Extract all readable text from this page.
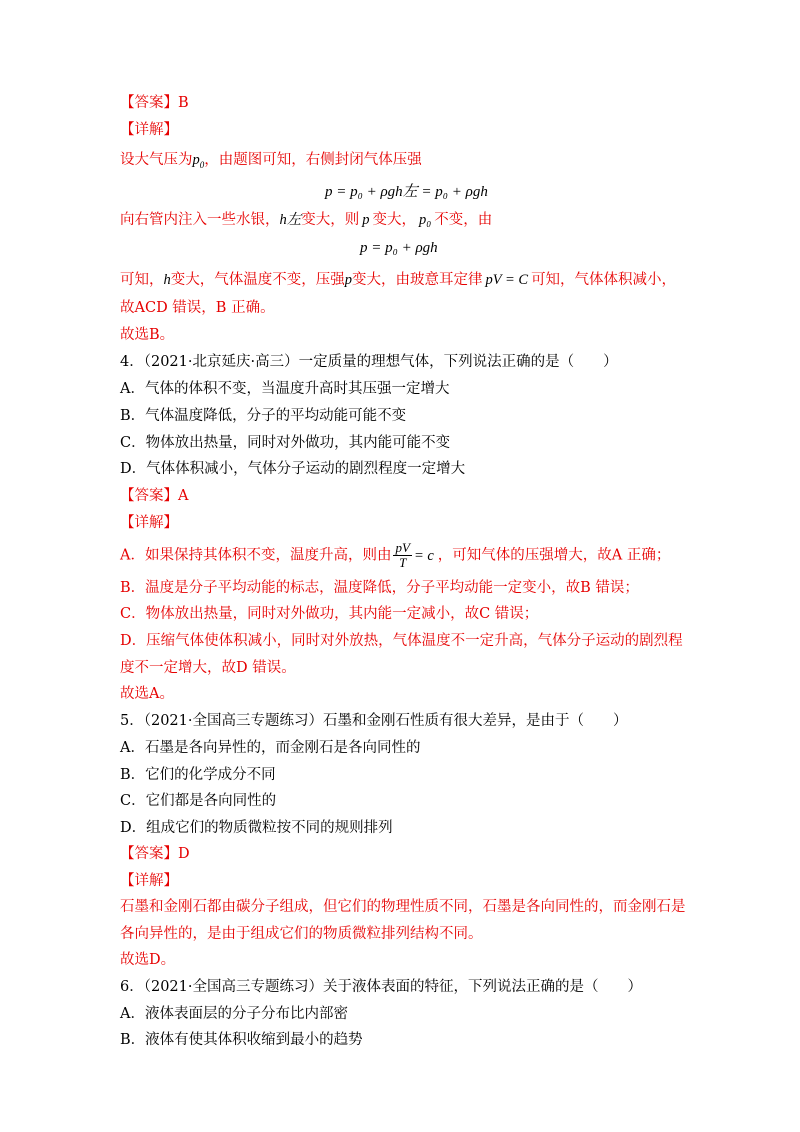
【答案】B
【详解】
设大气压为$p_0$，由题图可知，右侧封闭气体压强
p = p₀ + ρgh左 = p₀ + ρgh
向右管内注入一些水银，h左变大，则 p 变大， p₀ 不变，由
p = p₀ + ρgh
可知，h变大，气体温度不变，压强p变大，由玻意耳定律 pV = C 可知，气体体积减小，
故ACD 错误，B 正确。
故选B。
4．（2021·北京延庆·高三）一定质量的理想气体，下列说法正确的是（　　）
A．气体的体积不变，当温度升高时其压强一定增大
B．气体温度降低，分子的平均动能可能不变
C．物体放出热量，同时对外做功，其内能可能不变
D．气体体积减小，气体分子运动的剧烈程度一定增大
【答案】A
【详解】
A．如果保持其体积不变，温度升高，则由 $\frac{pV}{T} = c$ ，可知气体的压强增大，故A 正确；
B．温度是分子平均动能的标志，温度降低，分子平均动能一定变小，故B 错误；
C．物体放出热量，同时对外做功，其内能一定减小，故C 错误；
D．压缩气体使体积减小，同时对外放热，气体温度不一定升高，气体分子运动的剧烈程
度不一定增大，故D 错误。
故选A。
5．（2021·全国高三专题练习）石墨和金刚石性质有很大差异，是由于（　　）
A．石墨是各向异性的，而金刚石是各向同性的
B．它们的化学成分不同
C．它们都是各向同性的
D．组成它们的物质微粒按不同的规则排列
【答案】D
【详解】
石墨和金刚石都由碳分子组成，但它们的物理性质不同，石墨是各向同性的，而金刚石是
各向异性的，是由于组成它们的物质微粒排列结构不同。
故选D。
6．（2021·全国高三专题练习）关于液体表面的特征，下列说法正确的是（　　）
A．液体表面层的分子分布比内部密
B．液体有使其体积收缩到最小的趋势
